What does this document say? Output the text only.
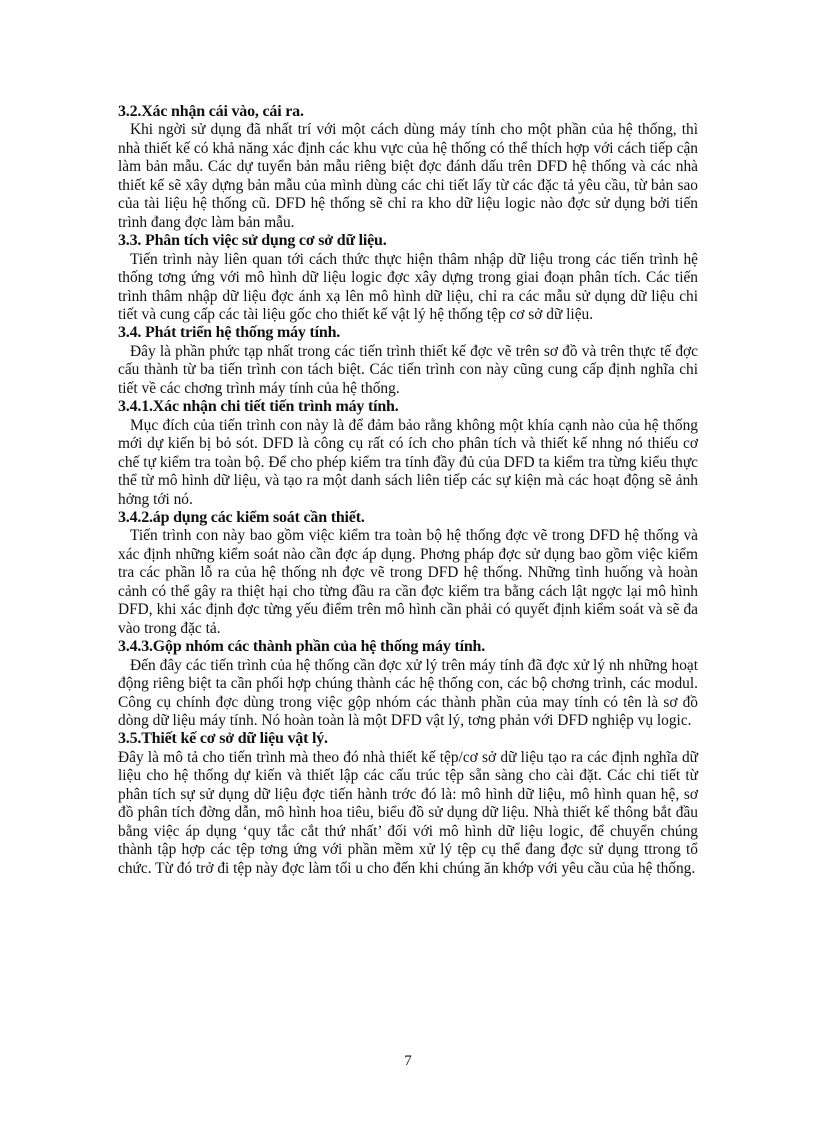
3.2.Xác nhận cái vào, cái ra.

Khi ngời sử dụng đã nhất trí với một cách dùng máy tính cho một phần của hệ thống, thì nhà thiết kế có khả năng xác định các khu vực của hệ thống có thể thích hợp với cách tiếp cận làm bản mẫu. Các dự tuyển bản mẫu riêng biệt đợc đánh dấu trên DFD hệ thống và các nhà thiết kế sẽ xây dựng bản mẫu của mình dùng các chi tiết lấy từ các đặc tả yêu cầu, từ bản sao của tài liệu hệ thống cũ. DFD hệ thống sẽ chỉ ra kho dữ liệu logic nào đợc sử dụng bởi tiến trình đang đợc làm bản mẫu.

3.3. Phân tích việc sử dụng cơ sở dữ liệu.

Tiến trình này liên quan tới cách thức thực hiện thâm nhập dữ liệu trong các tiến trình hệ thống tơng ứng với mô hình dữ liệu logic đợc xây dựng trong giai đoạn phân tích. Các tiến trình thâm nhập dữ liệu đợc ánh xạ lên mô hình dữ liệu, chỉ ra các mẫu sử dụng dữ liệu chi tiết và cung cấp các tài liệu gốc cho thiết kế vật lý hệ thống tệp cơ sở dữ liệu.

3.4. Phát triển hệ thống máy tính.

Đây là phần phức tạp nhất trong các tiến trình thiết kế đợc vẽ trên sơ đồ và trên thực tế đợc cấu thành từ ba tiến trình con tách biệt. Các tiến trình con này cũng cung cấp định nghĩa chi tiết về các chơng trình máy tính của hệ thống.

3.4.1.Xác nhận chi tiết tiến trình máy tính.

Mục đích của tiến trình con này là để đảm bảo rằng không một khía cạnh nào của hệ thống mới dự kiến bị bỏ sót. DFD là công cụ rất có ích cho phân tích và thiết kế nhng nó thiếu cơ chế tự kiểm tra toàn bộ. Để cho phép kiểm tra tính đầy đủ của DFD ta kiểm tra từng kiểu thực thể từ mô hình dữ liệu, và tạo ra một danh sách liên tiếp các sự kiện mà các hoạt động sẽ ảnh hởng tới nó.

3.4.2.áp dụng các kiểm soát cần thiết.

Tiến trình con này bao gồm việc kiểm tra toàn bộ hệ thống đợc vẽ trong DFD hệ thống và xác định những kiểm soát nào cần đợc áp dụng. Phơng pháp đợc sử dụng bao gồm việc kiểm tra các phần lỗ ra của hệ thống nh đợc vẽ trong DFD hệ thống. Những tình huống và hoàn cảnh có thể gây ra thiệt hại cho từng đầu ra cần đợc kiểm tra bằng cách lật ngợc lại mô hình DFD, khi xác định đợc từng yếu điểm trên mô hình cần phải có quyết định kiểm soát và sẽ đa vào trong đặc tả.

3.4.3.Gộp nhóm các thành phần của hệ thống máy tính.

Đến đây các tiến trình của hệ thống cần đợc xử lý trên máy tính đã đợc xử lý nh những hoạt động riêng biệt ta cần phối hợp chúng thành các hệ thống con, các bộ chơng trình, các modul. Công cụ chính đợc dùng trong việc gộp nhóm các thành phần của may tính có tên là sơ đồ dòng dữ liệu máy tính. Nó hoàn toàn là một DFD vật lý, tơng phản với DFD nghiệp vụ logic.

3.5.Thiết kế cơ sở dữ liệu vật lý.

Đây là mô tả cho tiến trình mà theo đó nhà thiết kế tệp/cơ sở dữ liệu tạo ra các định nghĩa dữ liệu cho hệ thống dự kiến và thiết lập các cấu trúc tệp sẵn sàng cho cài đặt. Các chi tiết từ phân tích sự sử dụng dữ liệu đợc tiến hành trớc đó là: mô hình dữ liệu, mô hình quan hệ, sơ đồ phân tích đờng dẫn, mô hình hoa tiêu, biểu đồ sử dụng dữ liệu. Nhà thiết kế thông bắt đầu bằng việc áp dụng ‘quy tắc cắt thứ nhất’ đối với mô hình dữ liệu logic, để chuyển chúng thành tập hợp các tệp tơng ứng với phần mềm xử lý tệp cụ thể đang đợc sử dụng ttrong tổ chức. Từ đó trở đi tệp này đợc làm tối u cho đến khi chúng ăn khớp với yêu cầu của hệ thống.

7
